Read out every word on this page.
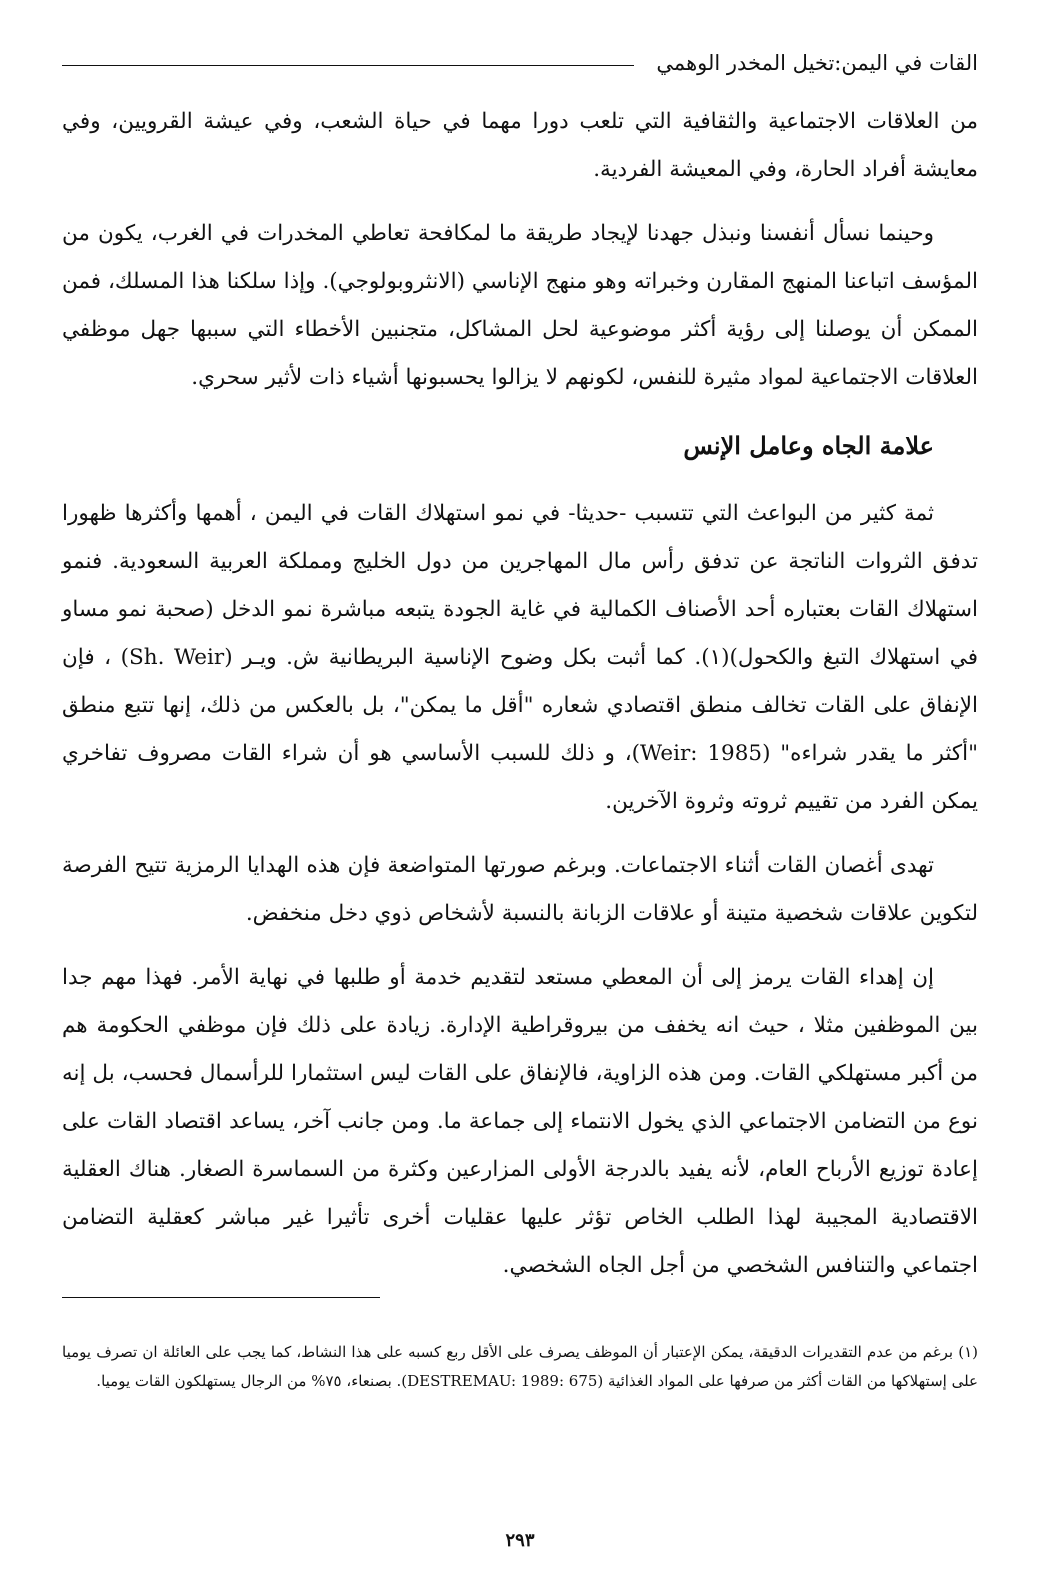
القات في اليمن:تخيل المخدر الوهمي

من العلاقات الاجتماعية والثقافية التي تلعب دورا مهما في حياة الشعب، وفي عيشة القرويين، وفي معايشة أفراد الحارة، وفي المعيشة الفردية.

وحينما نسأل أنفسنا ونبذل جهدنا لإيجاد طريقة ما لمكافحة تعاطي المخدرات في الغرب، يكون من المؤسف اتباعنا المنهج المقارن وخبراته وهو منهج الإناسي (الانثروبولوجي). وإذا سلكنا هذا المسلك، فمن الممكن أن يوصلنا إلى رؤية أكثر موضوعية لحل المشاكل، متجنبين الأخطاء التي سببها جهل موظفي العلاقات الاجتماعية لمواد مثيرة للنفس، لكونهم لا يزالوا يحسبونها أشياء ذات لأثير سحري.

علامة الجاه وعامل الإنس

ثمة كثير من البواعث التي تتسبب -حديثا- في نمو استهلاك القات في اليمن ، أهمها وأكثرها ظهورا تدفق الثروات الناتجة عن تدفق رأس مال المهاجرين من دول الخليج ومملكة العربية السعودية. فنمو استهلاك القات بعتباره أحد الأصناف الكمالية في غاية الجودة يتبعه مباشرة نمو الدخل (صحبة نمو مساو في استهلاك التبغ والكحول)(١). كما أثبت بكل وضوح الإناسية البريطانية ش. ويـر (Sh. Weir) ، فإن الإنفاق على القات تخالف منطق اقتصادي شعاره "أقل ما يمكن"، بل بالعكس من ذلك، إنها تتبع منطق "أكثر ما يقدر شراءه" (Weir: 1985)، و ذلك للسبب الأساسي هو أن شراء القات مصروف تفاخري يمكن الفرد من تقييم ثروته وثروة الآخرين.

تهدى أغصان القات أثناء الاجتماعات. وبرغم صورتها المتواضعة فإن هذه الهدايا الرمزية تتيح الفرصة لتكوين علاقات شخصية متينة أو علاقات الزبانة بالنسبة لأشخاص ذوي دخل منخفض.

إن إهداء القات يرمز إلى أن المعطي مستعد لتقديم خدمة أو طلبها في نهاية الأمر. فهذا مهم جدا بين الموظفين مثلا ، حيث انه يخفف من بيروقراطية الإدارة. زيادة على ذلك فإن موظفي الحكومة هم من أكبر مستهلكي القات. ومن هذه الزاوية، فالإنفاق على القات ليس استثمارا للرأسمال فحسب، بل إنه نوع من التضامن الاجتماعي الذي يخول الانتماء إلى جماعة ما. ومن جانب آخر، يساعد اقتصاد القات على إعادة توزيع الأرباح العام، لأنه يفيد بالدرجة الأولى المزارعين وكثرة من السماسرة الصغار. هناك العقلية الاقتصادية المجيبة لهذا الطلب الخاص تؤثر عليها عقليات أخرى تأثيرا غير مباشر كعقلية التضامن اجتماعي والتنافس الشخصي من أجل الجاه الشخصي.

(١) برغم من عدم التقديرات الدقيقة، يمكن الإعتبار أن الموظف يصرف على الأقل ربع كسبه على هذا النشاط، كما يجب على العائلة ان تصرف يوميا على إستهلاكها من القات أكثر من صرفها على المواد الغذائية (DESTREMAU: 1989: 675). بصنعاء، ٧٥% من الرجال يستهلكون القات يوميا.
٢٩٣
